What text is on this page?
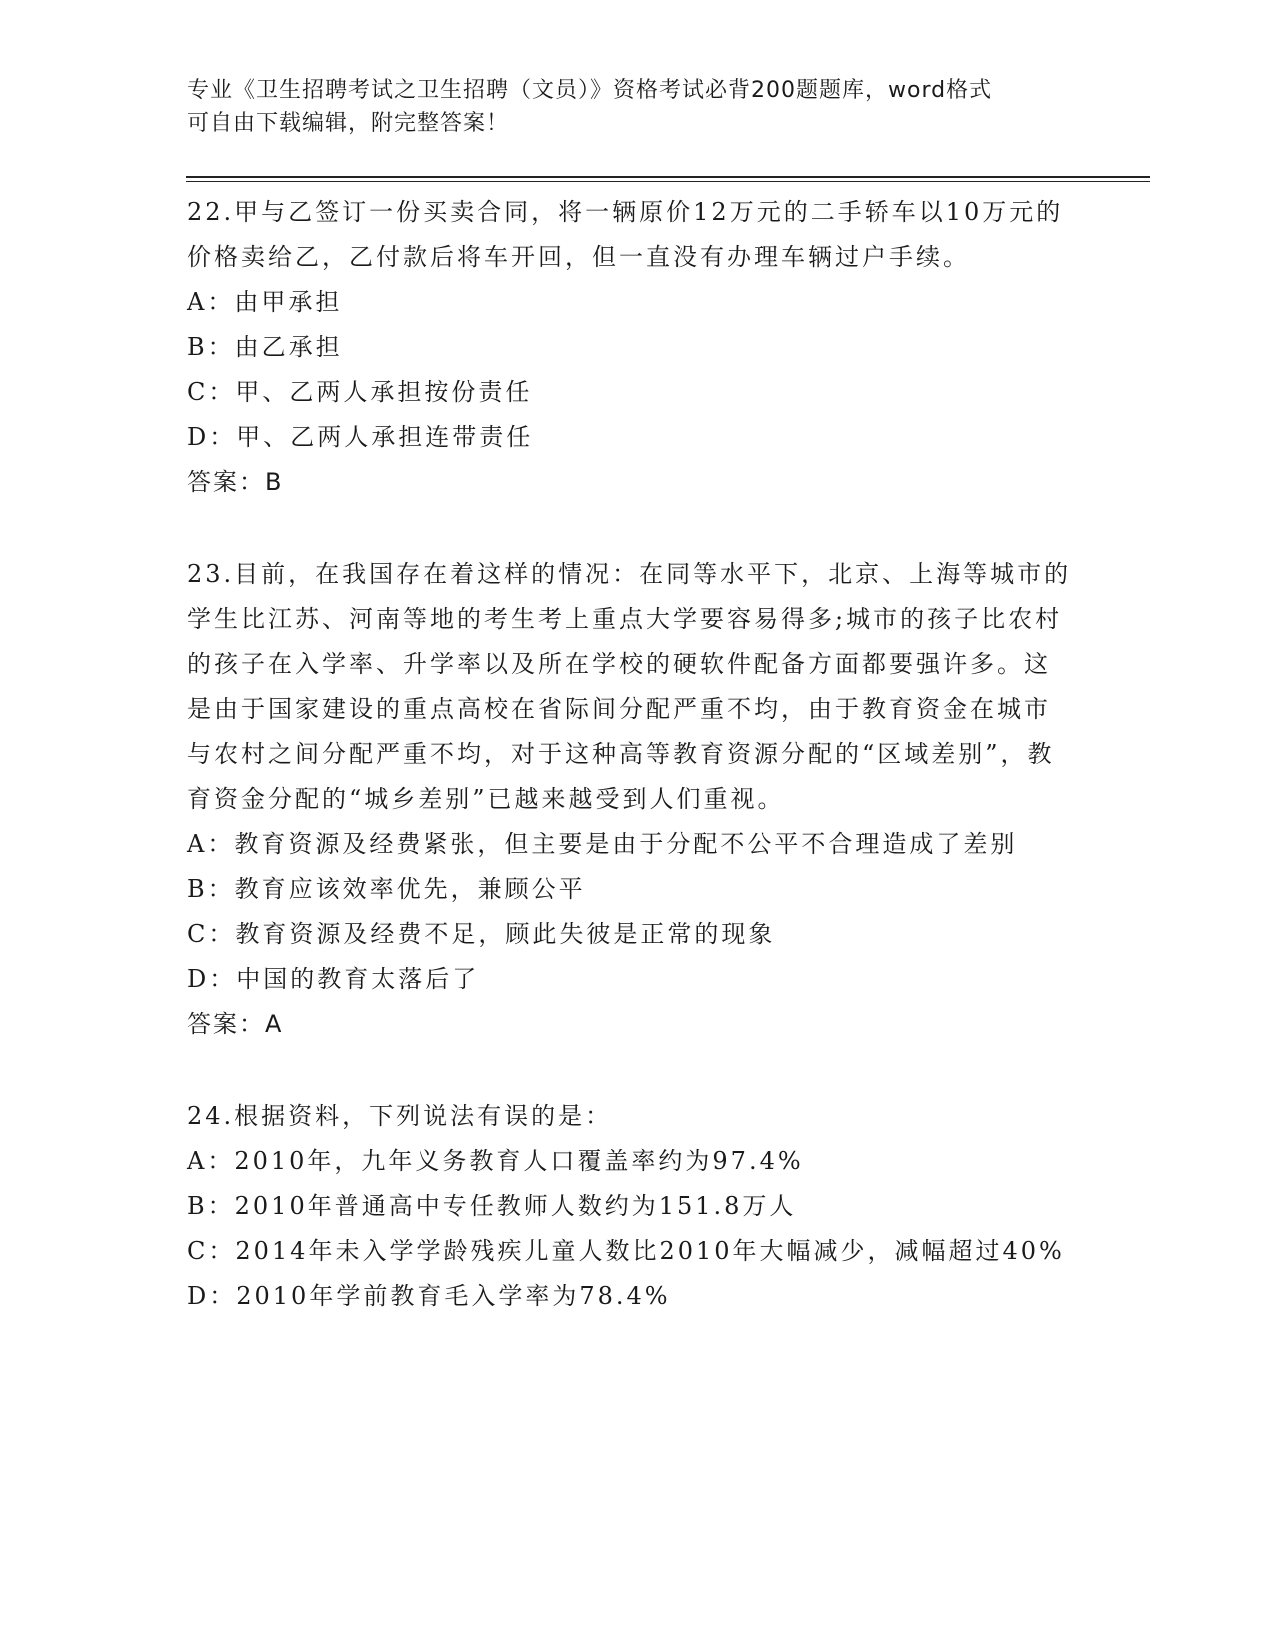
专业《卫生招聘考试之卫生招聘（文员）》资格考试必背200题题库，word格式
可自由下载编辑，附完整答案！
22.甲与乙签订一份买卖合同，将一辆原价12万元的二手轿车以10万元的价格卖给乙，乙付款后将车开回，但一直没有办理车辆过户手续。
A：由甲承担
B：由乙承担
C：甲、乙两人承担按份责任
D：甲、乙两人承担连带责任
答案：B
23.目前，在我国存在着这样的情况：在同等水平下，北京、上海等城市的学生比江苏、河南等地的考生考上重点大学要容易得多;城市的孩子比农村的孩子在入学率、升学率以及所在学校的硬软件配备方面都要强许多。这是由于国家建设的重点高校在省际间分配严重不均，由于教育资金在城市与农村之间分配严重不均，对于这种高等教育资源分配的“区域差别”，教育资金分配的“城乡差别”已越来越受到人们重视。
A：教育资源及经费紧张，但主要是由于分配不公平不合理造成了差别
B：教育应该效率优先，兼顾公平
C：教育资源及经费不足，顾此失彼是正常的现象
D：中国的教育太落后了
答案：A
24.根据资料，下列说法有误的是：
A：2010年，九年义务教育人口覆盖率约为97.4%
B：2010年普通高中专任教师人数约为151.8万人
C：2014年未入学学龄残疾儿童人数比2010年大幅减少，减幅超过40%
D：2010年学前教育毛入学率为78.4%
